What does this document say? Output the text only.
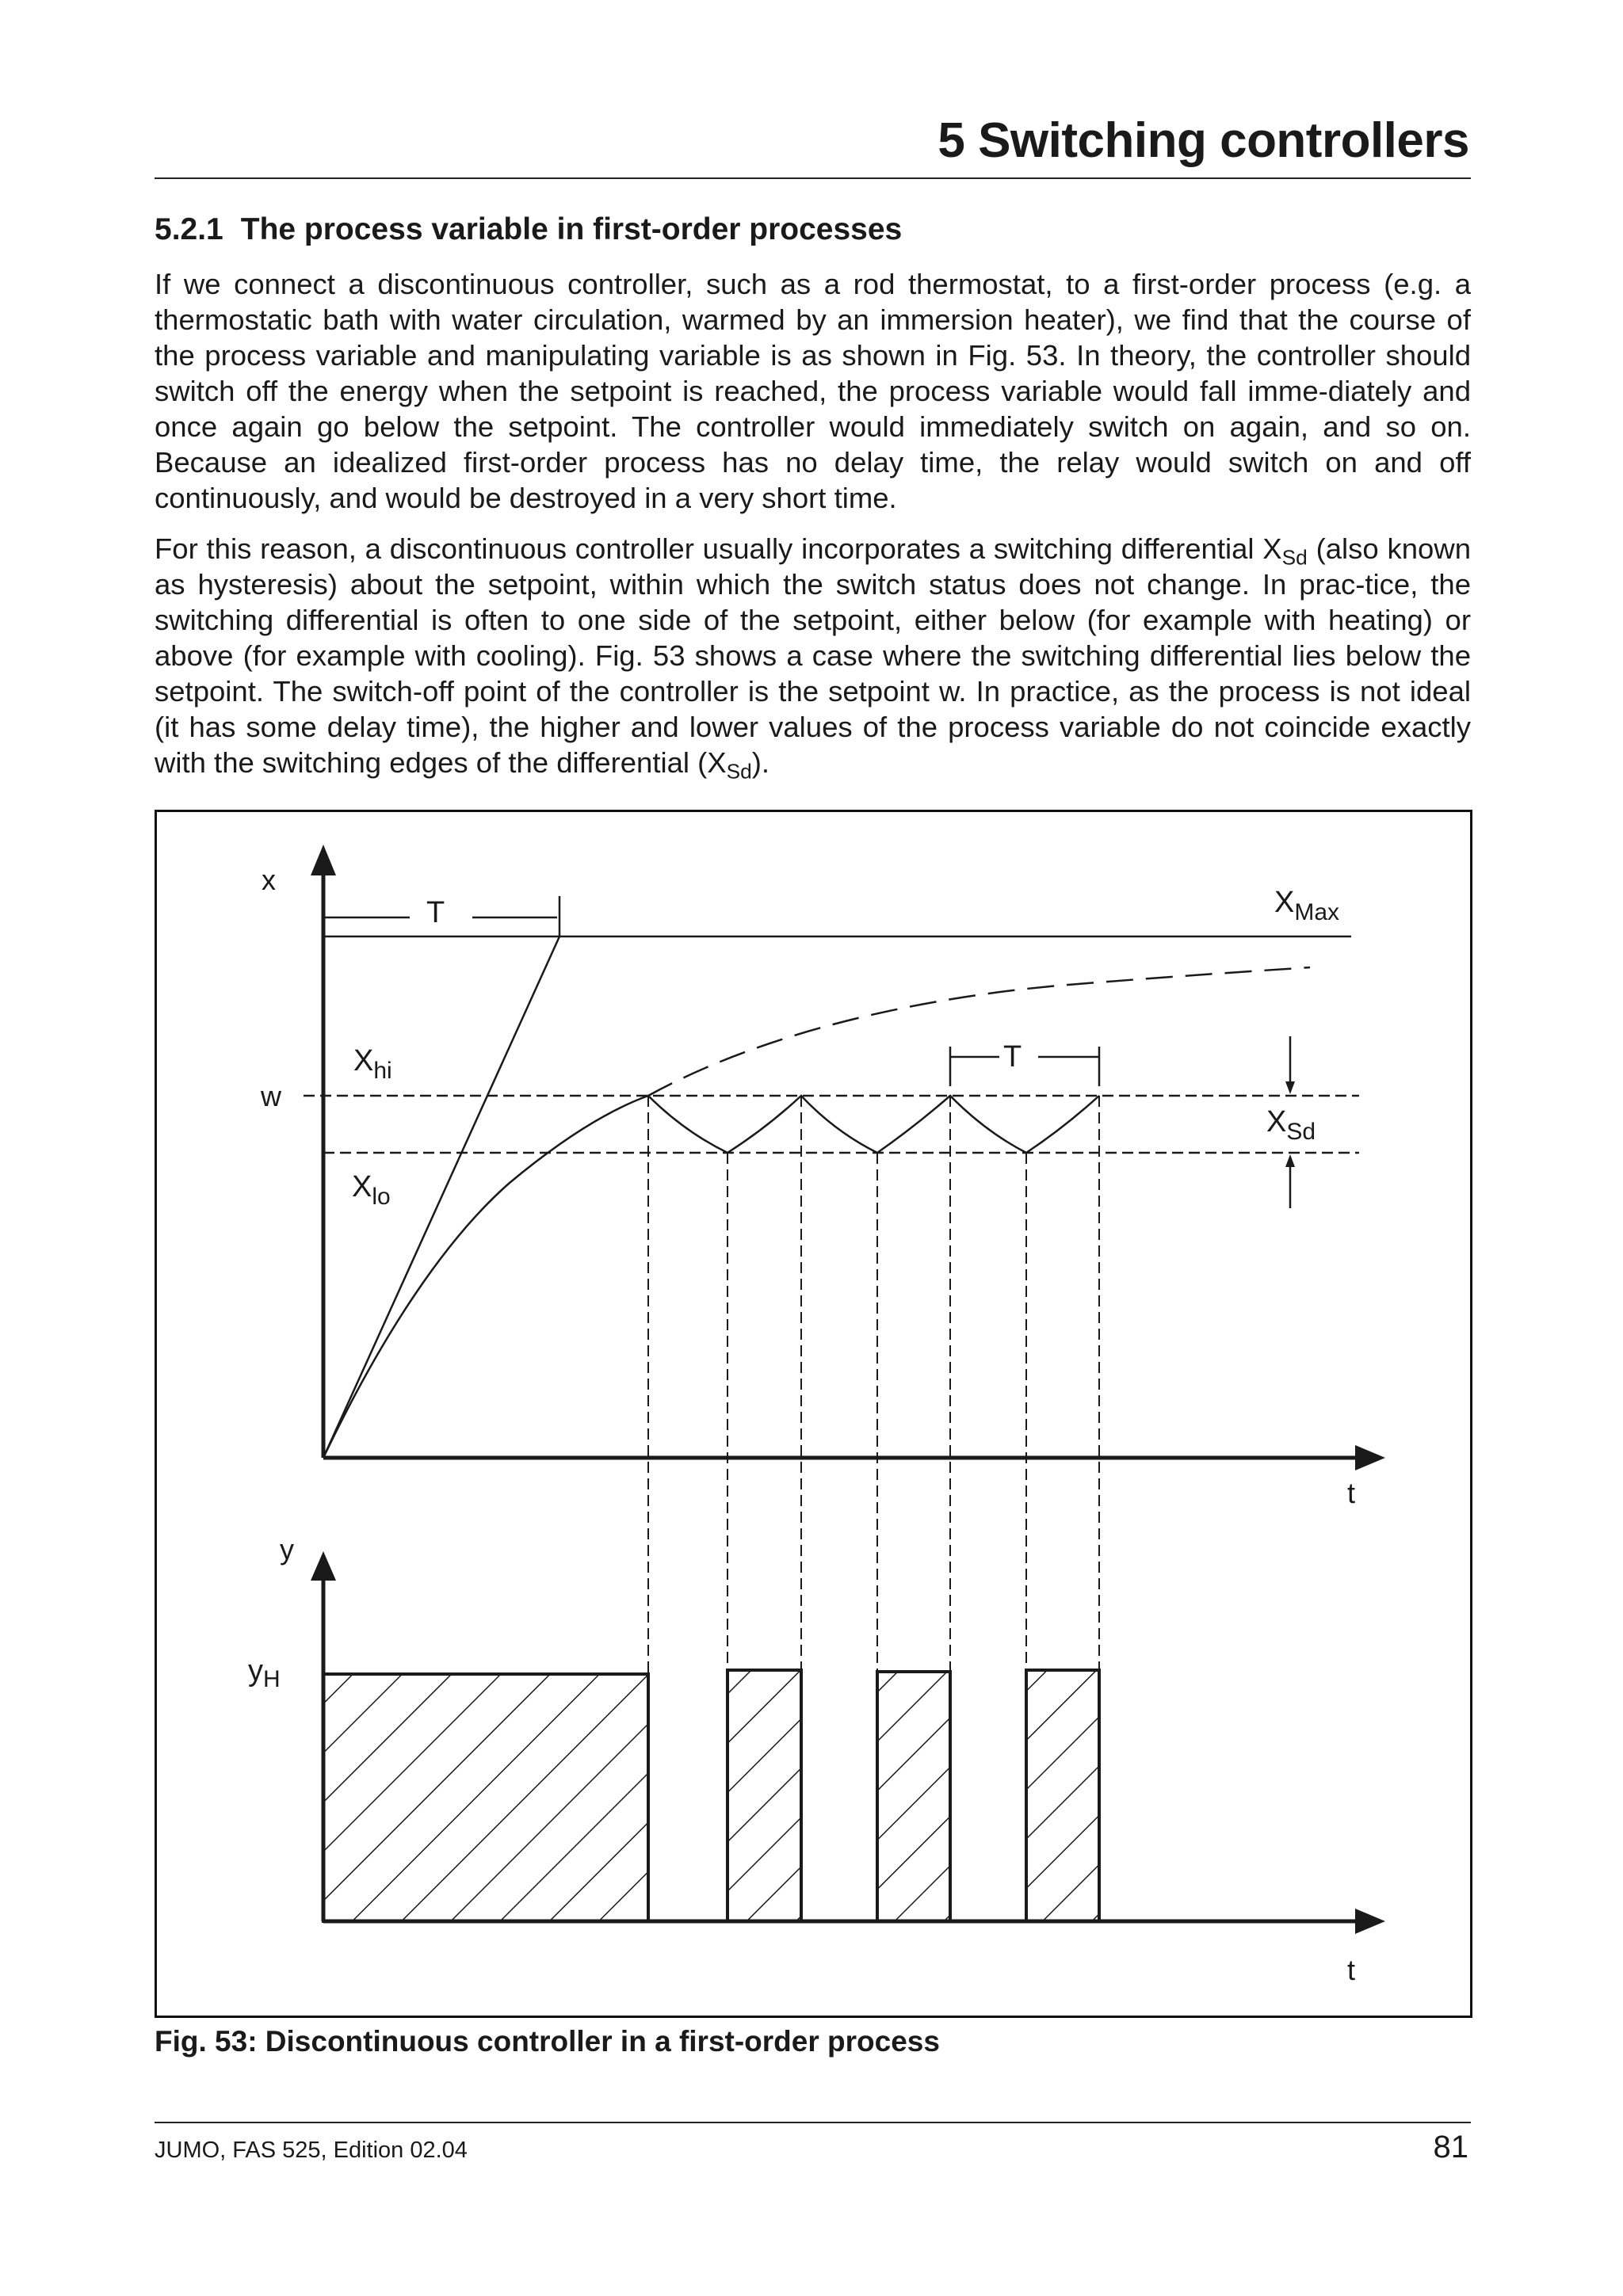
5 Switching controllers
5.2.1 The process variable in first-order processes

If we connect a discontinuous controller, such as a rod thermostat, to a first-order process (e.g. a thermostatic bath with water circulation, warmed by an immersion heater), we find that the course of the process variable and manipulating variable is as shown in Fig. 53. In theory, the controller should switch off the energy when the setpoint is reached, the process variable would fall imme-diately and once again go below the setpoint. The controller would immediately switch on again, and so on. Because an idealized first-order process has no delay time, the relay would switch on and off continuously, and would be destroyed in a very short time.

For this reason, a discontinuous controller usually incorporates a switching differential $X_{Sd}$ (also known as hysteresis) about the setpoint, within which the switch status does not change. In prac-tice, the switching differential is often to one side of the setpoint, either below (for example with heating) or above (for example with cooling). Fig. 53 shows a case where the switching differential lies below the setpoint. The switch-off point of the controller is the setpoint w. In practice, as the process is not ideal (it has some delay time), the higher and lower values of the process variable do not coincide exactly with the switching edges of the differential $(X_{Sd})$.

x
T	$X_{Max}$
$X_{hi}$
w
$X_{lo}$
T
$X_{Sd}$
t
y
$y_H$
t

Fig. 53: Discontinuous controller in a first-order process

JUMO, FAS 525, Edition 02.04	81
